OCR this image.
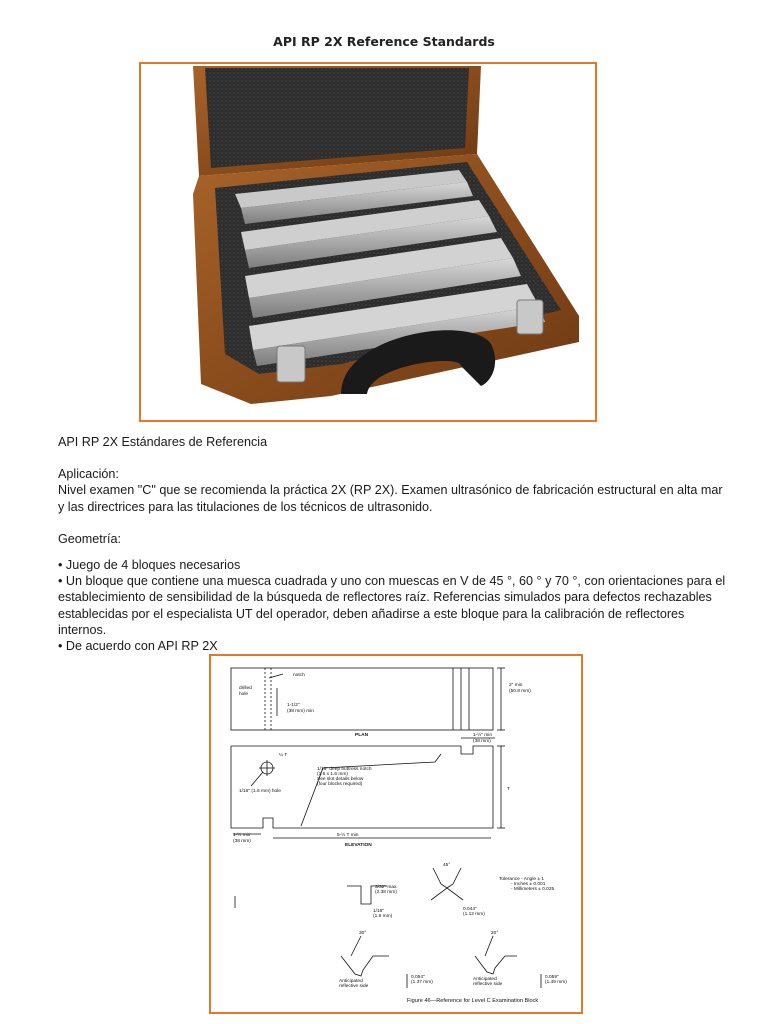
API RP 2X Reference Standards

API RP 2X Estándares de Referencia

Aplicación:

Nivel examen "C" que se recomienda la práctica 2X (RP 2X). Examen ultrasónico de fabricación estructural en alta mar y las directrices para las titulaciones de los técnicos de ultrasonido.

Geometría:

• Juego de 4 bloques necesarios

• Un bloque que contiene una muesca cuadrada y uno con muescas en V de 45 °, 60 ° y 70 °, con orientaciones para el establecimiento de sensibilidad de la búsqueda de reflectores raíz. Referencias simulados para defectos rechazables establecidas por el especialista UT del operador, deben añadirse a este bloque para la calibración de reflectores internos.

• De acuerdo con API RP 2X

notch
drilled
hole
1-1/2"
(38 mm) min
PLAN
2" min
(50.8 mm)
1-½" min
(38 mm)
¼ T
1/16" deep buttress notch
(1.6 x 1.6 mm)
See slot details below
(four blocks required)
1/16" (1.6 mm) hole	T
1-½ min
(38 mm)
5-½ T min
ELEVATION
45°
Tolerance - Angle ± 1
- Inches ± 0.001
- Millimeters ± 0.025
3/32" max.
(2.38 mm)
1/16"
(1.6 mm)
0.044"
(1.12 mm)
30°	20°
0.054"
(1.37 mm)
0.059"
(1.49 mm)
Anticipated
reflective side
Anticipated
reflective side
Figure 46—Reference for Level C Examination Block
